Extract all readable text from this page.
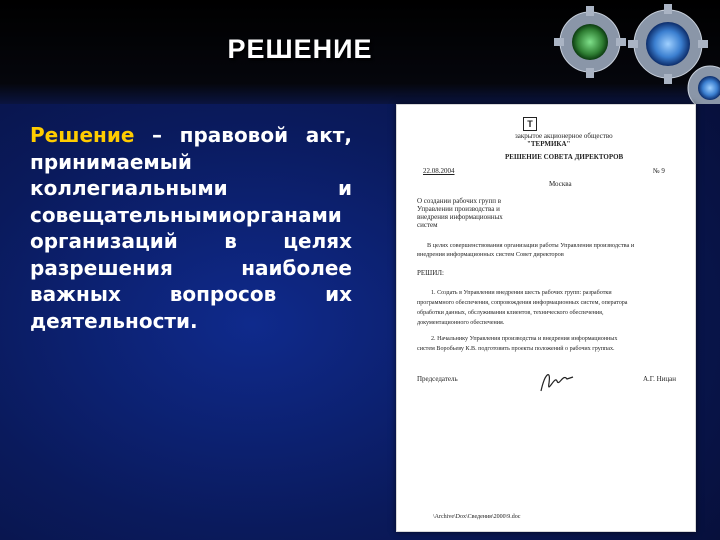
РЕШЕНИЕ
Решение – правовой акт,
принимаемый
коллегиальными	и
совещательнымиорганами
организаций в целях
разрешения	наиболее
важных вопросов их
деятельности.
T
закрытое акционерное общество
"ТЕРМИКА"
РЕШЕНИЕ СОВЕТА ДИРЕКТОРОВ
22.08.2004	№ 9
Москва
О создании рабочих групп в
Управлении производства и
внедрения информационных
систем
В целях совершенствования организации работы Управления производства и
внедрения информационных систем Совет директоров
РЕШИЛ:
1. Создать в Управлении внедрения шесть рабочих групп: разработки
программного обеспечения, сопровождения информационных систем, оператора
обработки данных, обслуживания клиентов, технического обеспечения,
документационного обеспечения.
2. Начальнику Управления производства и внедрения информационных
систем Воробьеву К.В. подготовить проекты положений о рабочих группах.
Председатель	А.Г. Ницан
\Archive\Dox\Сведения\2000\9.doc
